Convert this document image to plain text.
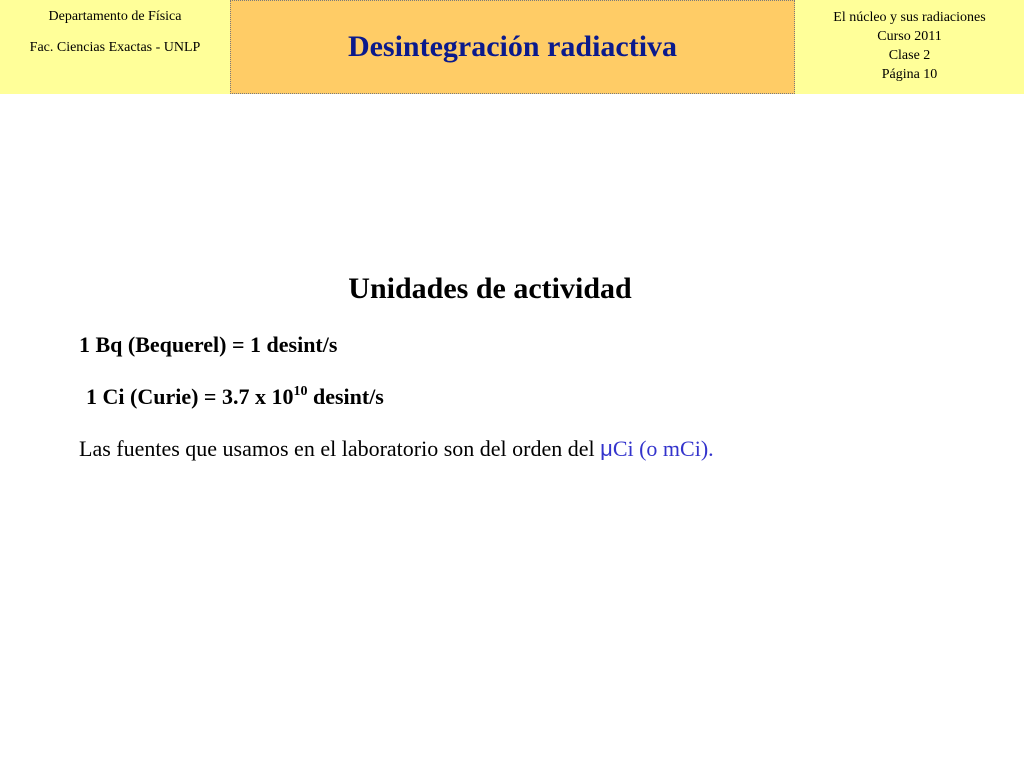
Departamento de Física
Fac. Ciencias Exactas - UNLP	Desintegración radiactiva
El núcleo y sus radiaciones
Curso 2011
Clase 2
Página 10
Unidades de actividad
1 Bq (Bequerel) = 1 desint/s
1 Ci (Curie) = 3.7 x $10^{10}$ desint/s
Las fuentes que usamos en el laboratorio son del orden del μCi (o mCi).
